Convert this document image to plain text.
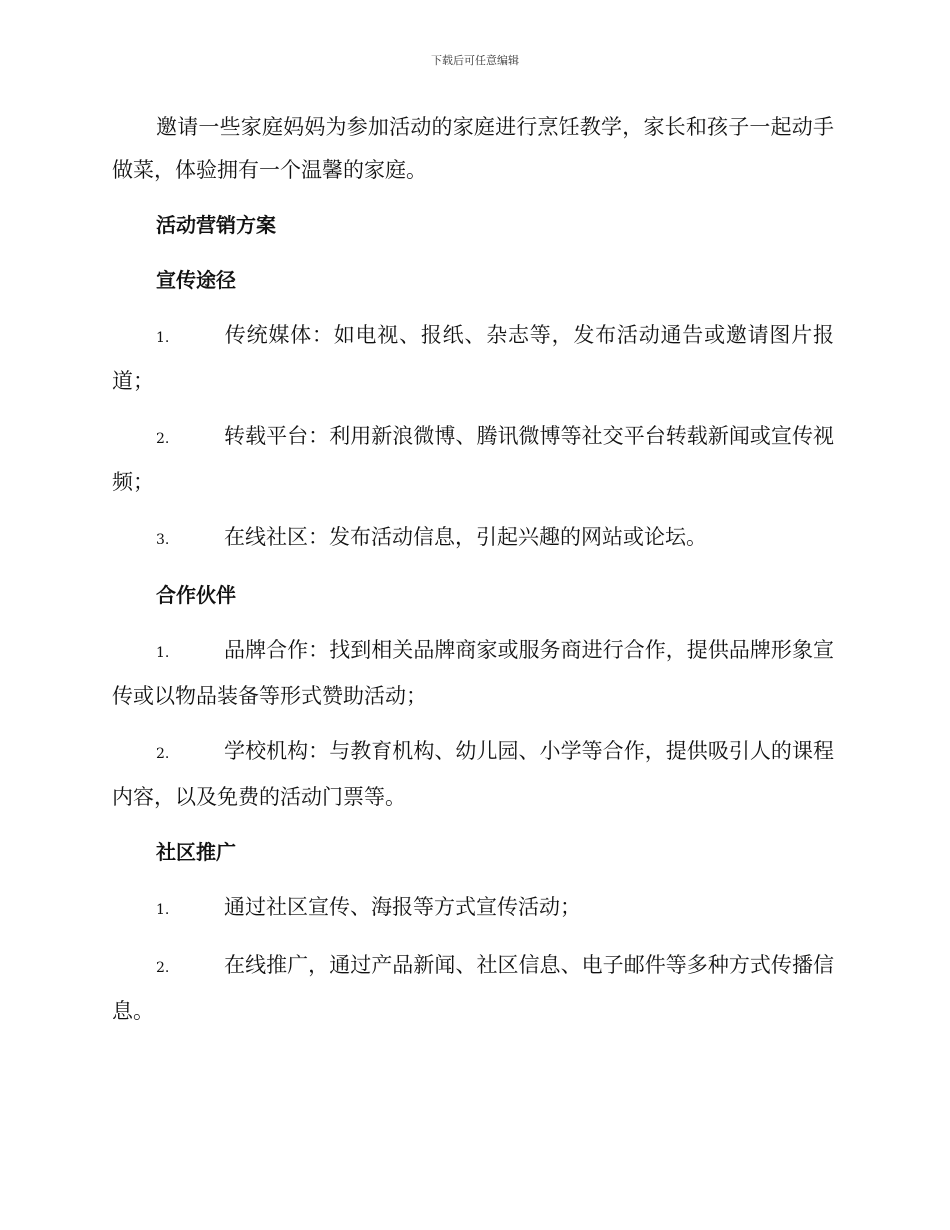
下载后可任意编辑

邀请一些家庭妈妈为参加活动的家庭进行烹饪教学，家长和孩子一起动手做菜，体验拥有一个温馨的家庭。

活动营销方案
宣传途径
1.	传统媒体：如电视、报纸、杂志等，发布活动通告或邀请图片报道；
2.	转载平台：利用新浪微博、腾讯微博等社交平台转载新闻或宣传视频；
3.	在线社区：发布活动信息，引起兴趣的网站或论坛。
合作伙伴
1.	品牌合作：找到相关品牌商家或服务商进行合作，提供品牌形象宣传或以物品装备等形式赞助活动；
2.	学校机构：与教育机构、幼儿园、小学等合作，提供吸引人的课程内容，以及免费的活动门票等。
社区推广
1.	通过社区宣传、海报等方式宣传活动；
2.	在线推广，通过产品新闻、社区信息、电子邮件等多种方式传播信息。
